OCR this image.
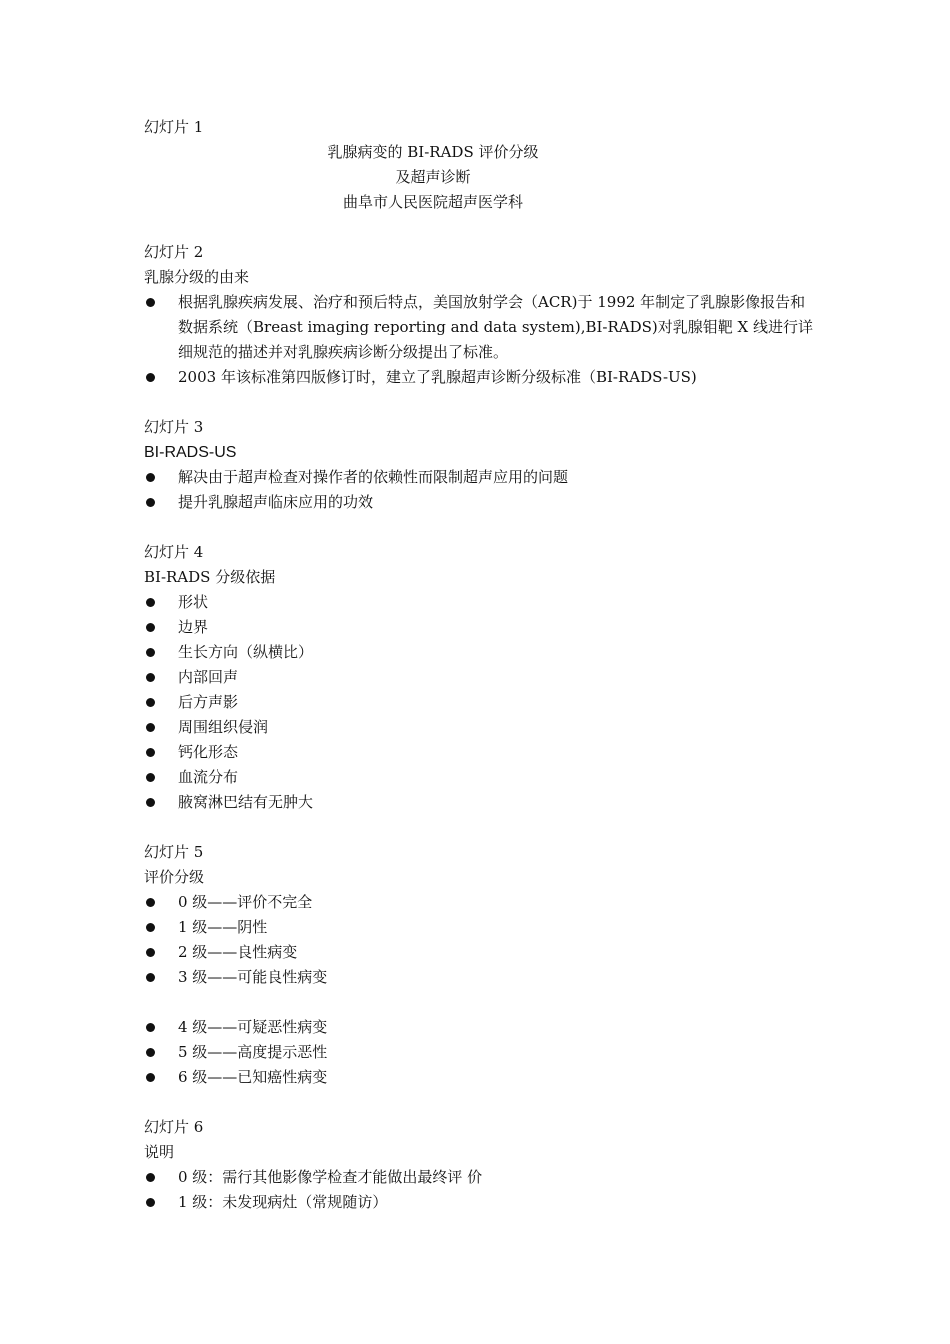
幻灯片 1
乳腺病变的 BI-RADS 评价分级
及超声诊断
曲阜市人民医院超声医学科
幻灯片 2
乳腺分级的由来
根据乳腺疾病发展、治疗和预后特点，美国放射学会（ACR)于 1992 年制定了乳腺影像报告和数据系统（Breast imaging reporting and data system),BI-RADS)对乳腺钼靶 X 线进行详细规范的描述并对乳腺疾病诊断分级提出了标准。
2003 年该标准第四版修订时，建立了乳腺超声诊断分级标准（BI-RADS-US)
幻灯片 3
BI-RADS-US
解决由于超声检查对操作者的依赖性而限制超声应用的问题
提升乳腺超声临床应用的功效
幻灯片 4
BI-RADS 分级依据
形状
边界
生长方向（纵横比）
内部回声
后方声影
周围组织侵润
钙化形态
血流分布
腋窝淋巴结有无肿大
幻灯片 5
评价分级
0 级——评价不完全
1 级——阴性
2 级——良性病变
3 级——可能良性病变
4 级——可疑恶性病变
5 级——高度提示恶性
6 级——已知癌性病变
幻灯片 6
说明
0 级：需行其他影像学检查才能做出最终评 价
1 级：未发现病灶（常规随访）
